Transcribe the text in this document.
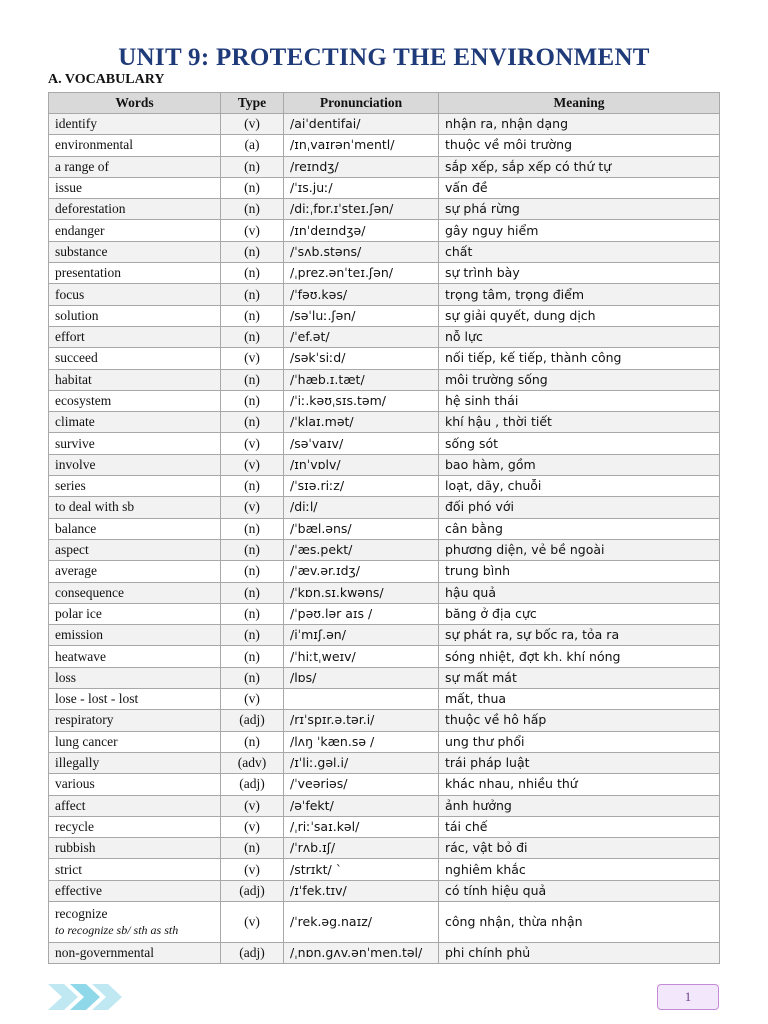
UNIT 9: PROTECTING THE ENVIRONMENT
A. VOCABULARY
Words	Type	Pronunciation	Meaning
identify	(v)	/aiˈdentifai/	nhận ra, nhận dạng
environmental	(a)	/ɪnˌvaɪrənˈmentl/	thuộc về môi trường
a range of	(n)	/reɪndʒ/	sắp xếp, sắp xếp có thứ tự
issue	(n)	/ˈɪs.juː/	vấn đề
deforestation	(n)	/diːˌfɒr.ɪˈsteɪ.ʃən/	sự phá rừng
endanger	(v)	/ɪnˈdeɪndʒə/	gây nguy hiểm
substance	(n)	/ˈsʌb.stəns/	chất
presentation	(n)	/ˌprez.ənˈteɪ.ʃən/	sự trình bày
focus	(n)	/ˈfəʊ.kəs/	trọng tâm, trọng điểm
solution	(n)	/səˈluː.ʃən/	sự giải quyết, dung dịch
effort	(n)	/ˈef.ət/	nỗ lực
succeed	(v)	/səkˈsiːd/	nối tiếp, kế tiếp, thành công
habitat	(n)	/ˈhæb.ɪ.tæt/	môi trường sống
ecosystem	(n)	/ˈiː.kəʊˌsɪs.təm/	hệ sinh thái
climate	(n)	/ˈklaɪ.mət/	khí hậu , thời tiết
survive	(v)	/səˈvaɪv/	sống sót
involve	(v)	/ɪnˈvɒlv/	bao hàm, gồm
series	(n)	/ˈsɪə.riːz/	loạt, dãy, chuỗi
to deal with sb	(v)	/diːl/	đối phó với
balance	(n)	/ˈbæl.əns/	cân bằng
aspect	(n)	/ˈæs.pekt/	phương diện, vẻ bề ngoài
average	(n)	/ˈæv.ər.ɪdʒ/	trung bình
consequence	(n)	/ˈkɒn.sɪ.kwəns/	hậu quả
polar ice	(n)	/ˈpəʊ.lər aɪs /	băng ở địa cực
emission	(n)	/iˈmɪʃ.ən/	sự phát ra, sự bốc ra, tỏa ra
heatwave	(n)	/ˈhiːtˌweɪv/	sóng nhiệt, đợt kh. khí nóng
loss	(n)	/lɒs/	sự mất mát
lose - lost - lost	(v)		mất, thua
respiratory	(adj)	/rɪˈspɪr.ə.tər.i/	thuộc về hô hấp
lung cancer	(n)	/lʌŋ ˈkæn.sə /	ung thư phổi
illegally	(adv)	/ɪˈliː.gəl.i/	trái pháp luật
various	(adj)	/ˈveəriəs/	khác nhau, nhiều thứ
affect	(v)	/əˈfekt/	ảnh hưởng
recycle	(v)	/ˌriːˈsaɪ.kəl/	tái chế
rubbish	(n)	/ˈrʌb.ɪʃ/	rác, vật bỏ đi
strict	(v)	/strɪkt/ `	nghiêm khắc
effective	(adj)	/ɪˈfek.tɪv/	có tính hiệu quả
recognize
to recognize sb/ sth as sth	(v)	/ˈrek.əg.naɪz/	công nhận, thừa nhận
non-governmental	(adj)	/ˌnɒn.gʌv.ənˈmen.təl/	phi chính phủ
1
